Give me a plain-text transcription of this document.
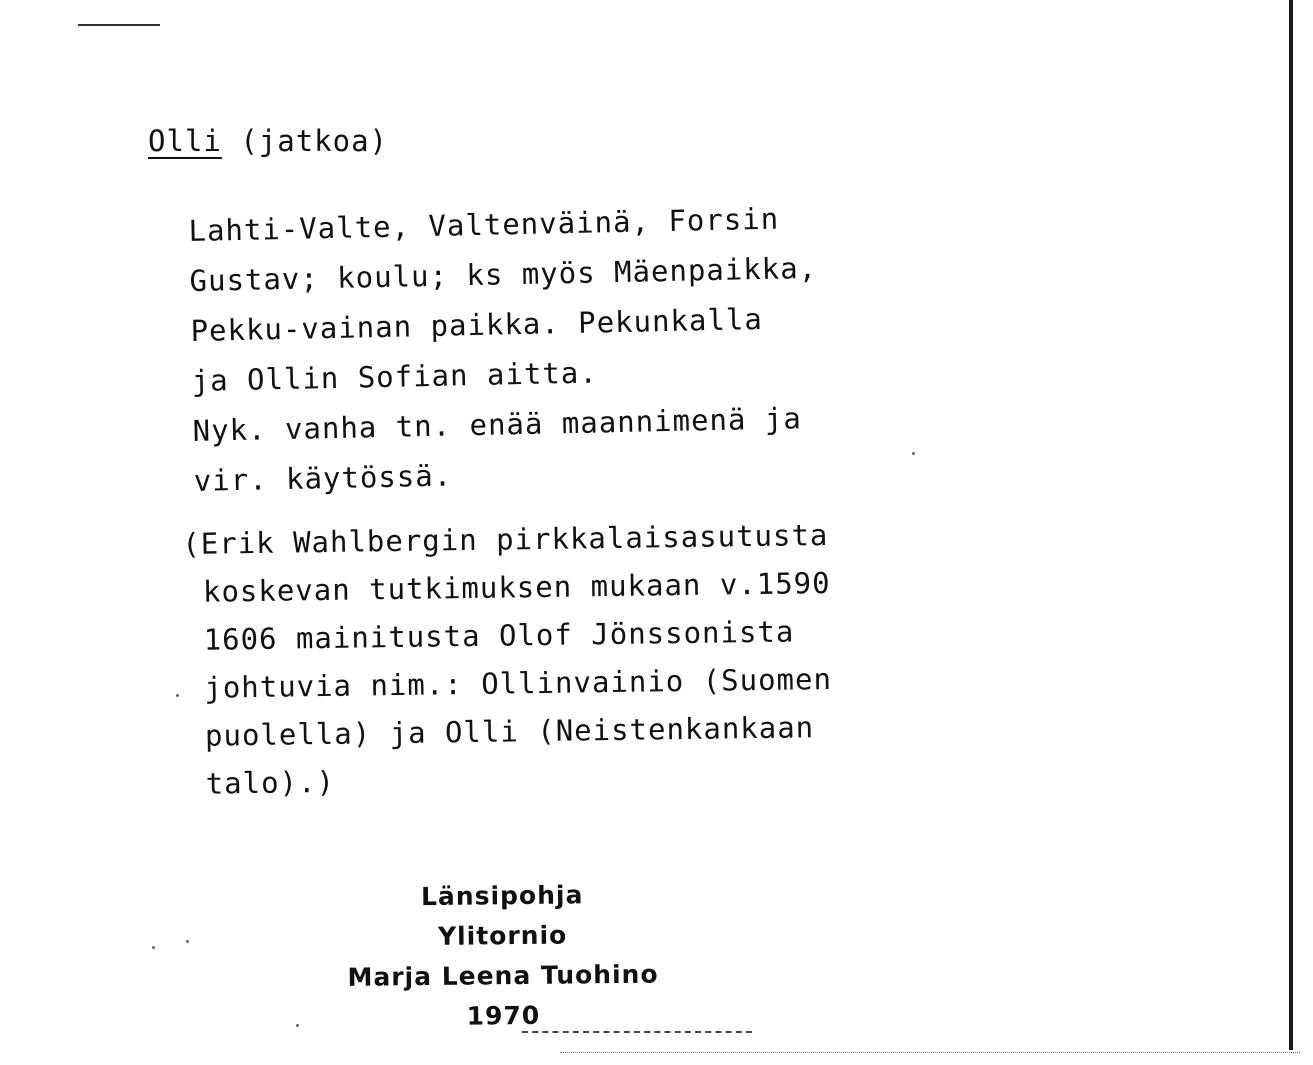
Olli (jatkoa)

Lahti-Valte, Valtenväinä, Forsin
Gustav; koulu; ks myös Mäenpaikka,
Pekku-vainan paikka. Pekunkalla
ja Ollin Sofian aitta.
Nyk. vanha tn. enää maannimenä ja
vir. käytössä.
(Erik Wahlbergin pirkkalaisasutusta
koskevan tutkimuksen mukaan v.1590
1606 mainitusta Olof Jönssonista
johtuvia nim.: Ollinvainio (Suomen
puolella) ja Olli (Neistenkankaan
talo).)
Länsipohja
Ylitornio
Marja Leena Tuohino
1970
